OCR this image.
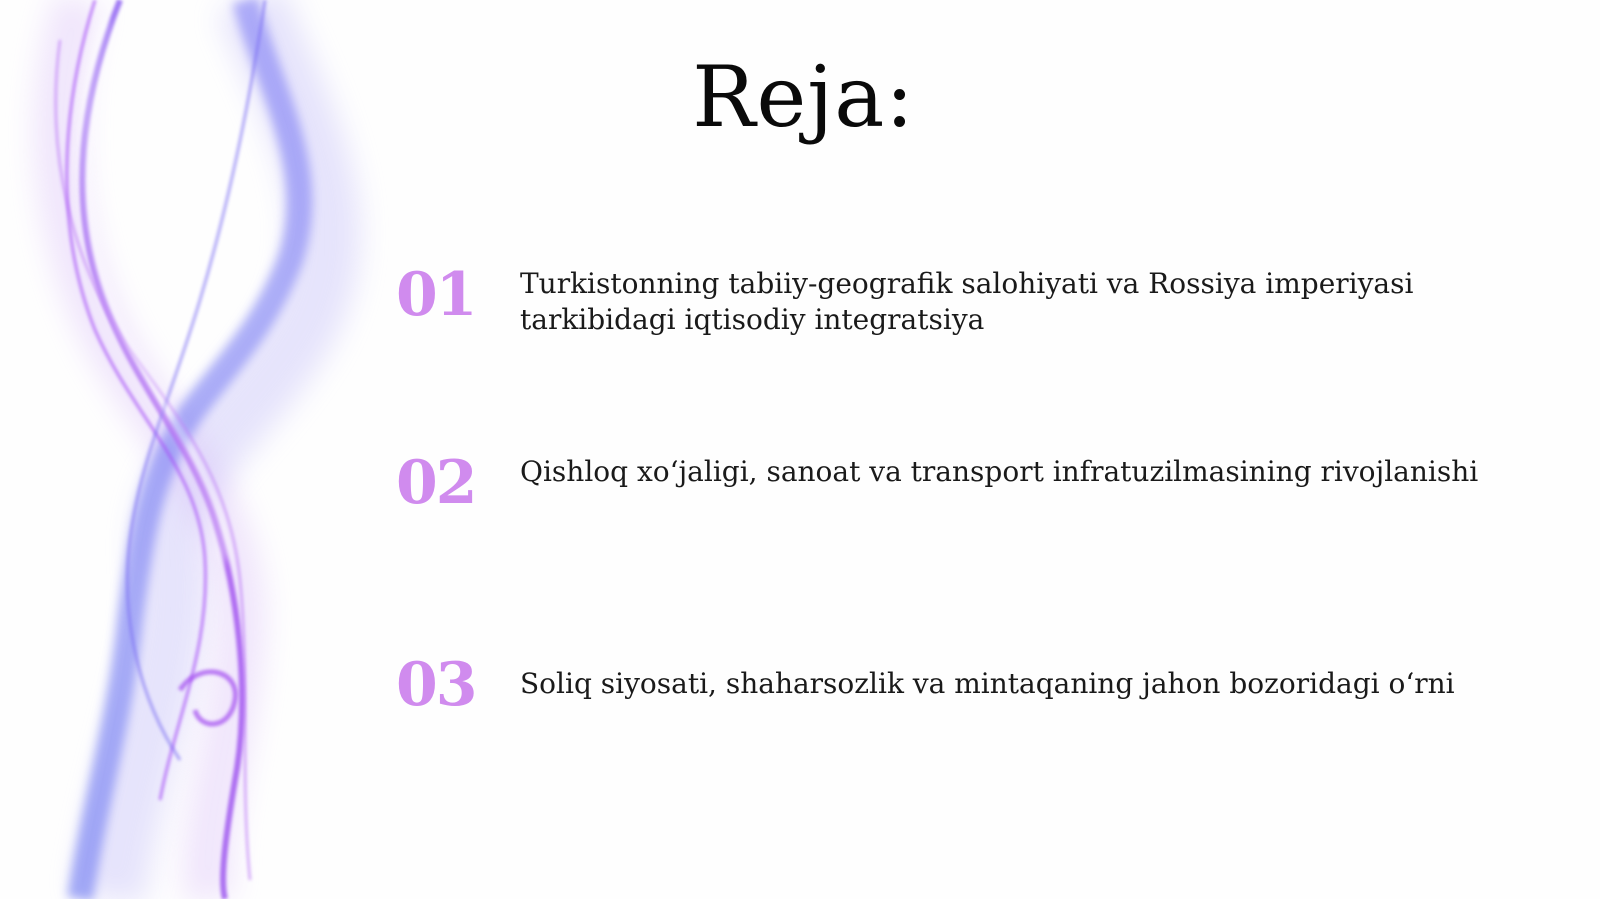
Reja:
01 Turkistonning tabiiy-geografik salohiyati va Rossiya imperiyasi tarkibidagi iqtisodiy integratsiya
02 Qishloq xo‘jaligi, sanoat va transport infratuzilmasining rivojlanishi
03 Soliq siyosati, shaharsozlik va mintaqaning jahon bozoridagi o‘rni
